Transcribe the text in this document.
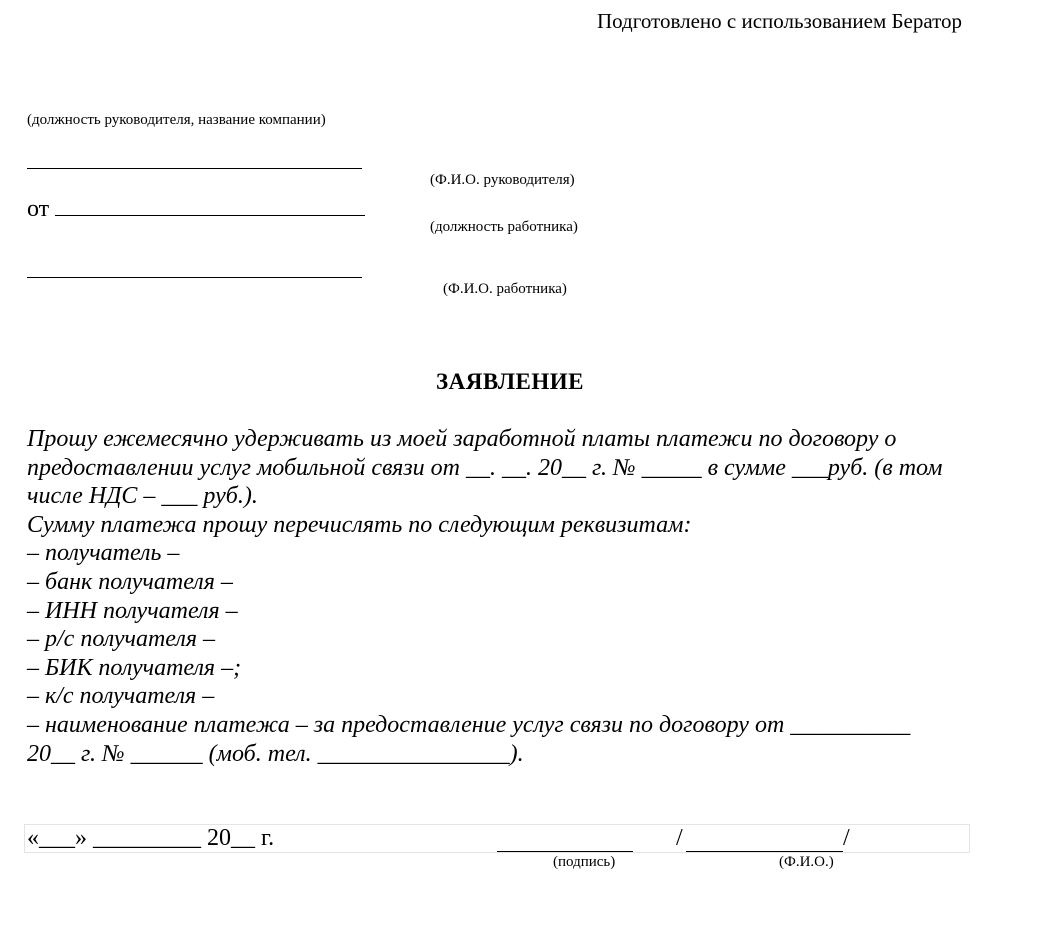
Подготовлено с использованием Бератор
(должность руководителя, название компании)
(Ф.И.О. руководителя)
от
(должность работника)
(Ф.И.О. работника)
ЗАЯВЛЕНИЕ
Прошу ежемесячно удерживать из моей заработной платы платежи по договору о
предоставлении услуг мобильной связи от __. __. 20__ г. № _____ в сумме ___руб. (в том
числе НДС – ___ руб.).
Сумму платежа прошу перечислять по следующим реквизитам:
– получатель –
– банк получателя –
– ИНН получателя –
– р/с получателя –
– БИК получателя –;
– к/с получателя –
– наименование платежа – за предоставление услуг связи по договору от __________
20__ г. № ______ (моб. тел. ________________).
«___» _________ 20__ г.	/	/
(подпись)	(Ф.И.О.)
